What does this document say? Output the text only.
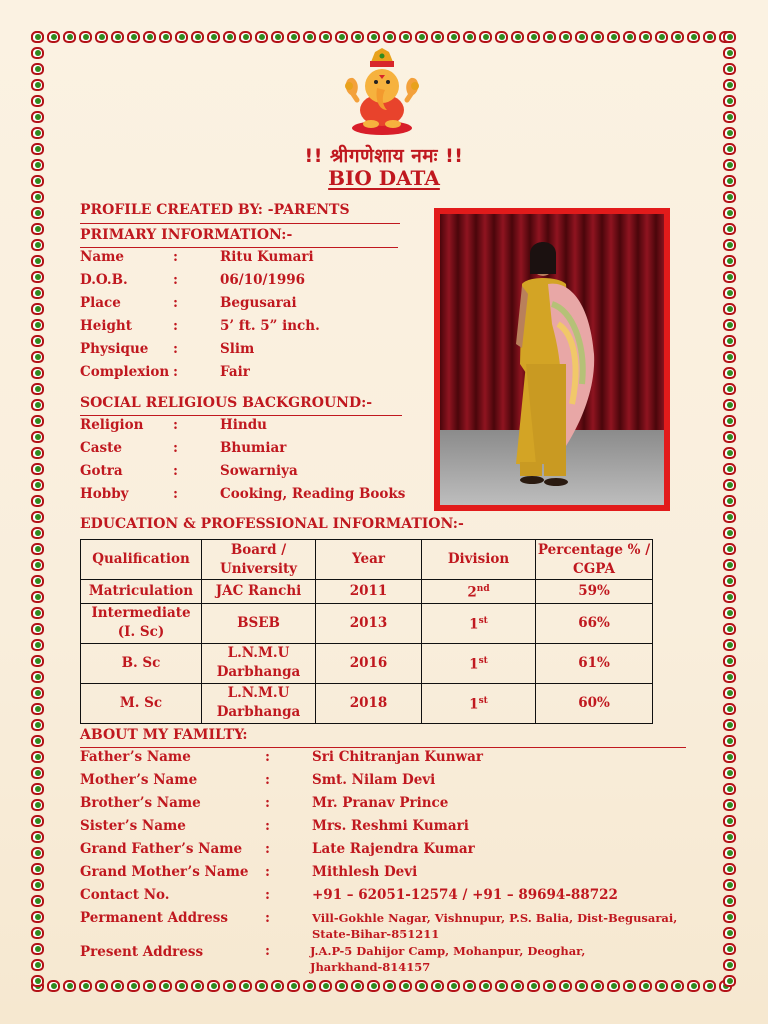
!! श्रीगणेशाय नमः !!
BIO DATA
PROFILE CREATED BY: -PARENTS
PRIMARY INFORMATION:-
Name	:	Ritu Kumari
D.O.B.	:	06/10/1996
Place	:	Begusarai
Height	:	5’ ft. 5” inch.
Physique :	Slim
Complexion :	Fair
SOCIAL RELIGIOUS BACKGROUND:-
Religion :	Hindu
Caste	:	Bhumiar
Gotra	:	Sowarniya
Hobby	:	Cooking, Reading Books
EDUCATION & PROFESSIONAL INFORMATION:-
Qualification	Board / University	Year	Division	Percentage % / CGPA
Matriculation	JAC Ranchi	2011	2nd	59%
Intermediate (I. Sc)	BSEB	2013	1st	66%
B. Sc	L.N.M.U Darbhanga	2016	1st	61%
M. Sc	L.N.M.U Darbhanga	2018	1st	60%
ABOUT MY FAMILTY:
Father’s Name	:	Sri Chitranjan Kunwar
Mother’s Name	:	Smt. Nilam Devi
Brother’s Name	:	Mr. Pranav Prince
Sister’s Name	:	Mrs. Reshmi Kumari
Grand Father’s Name :	Late Rajendra Kumar
Grand Mother’s Name :	Mithlesh Devi
Contact No.	:	+91 – 62051-12574 / +91 – 89694-88722
Permanent Address	:	Vill-Gokhle Nagar, Vishnupur, P.S. Balia, Dist-Begusarai,
State-Bihar-851211
Present Address	:	J.A.P-5 Dahijor Camp, Mohanpur, Deoghar,
Jharkhand-814157
